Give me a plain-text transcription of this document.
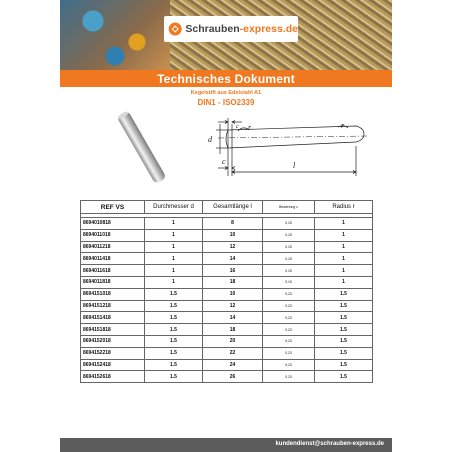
Schrauben-express.de
Technisches Dokument
Kegelstift aus Edelstahl A1
DIN1 - ISO2339
d
r	r
c
c
l
REF VS	Durchmesser d	Gesamtlänge l	Bewertung c	Radius r

8694010818	1	8	0,15	1
8694011018	1	10	0,15	1
8694011218	1	12	0,15	1
8694011418	1	14	0,15	1
8694011618	1	16	0,15	1
8694011818	1	18	0,15	1
8694151018	1.5	10	0,23	1.5
8694151218	1.5	12	0,23	1.5
8694151418	1.5	14	0,23	1.5
8694151818	1.5	18	0,23	1.5
8694152018	1.5	20	0,23	1.5
8694152218	1.5	22	0,23	1.5
8694152418	1.5	24	0,23	1.5
8694152618	1.5	26	0,23	1.5
kundendienst@schrauben-express.de
